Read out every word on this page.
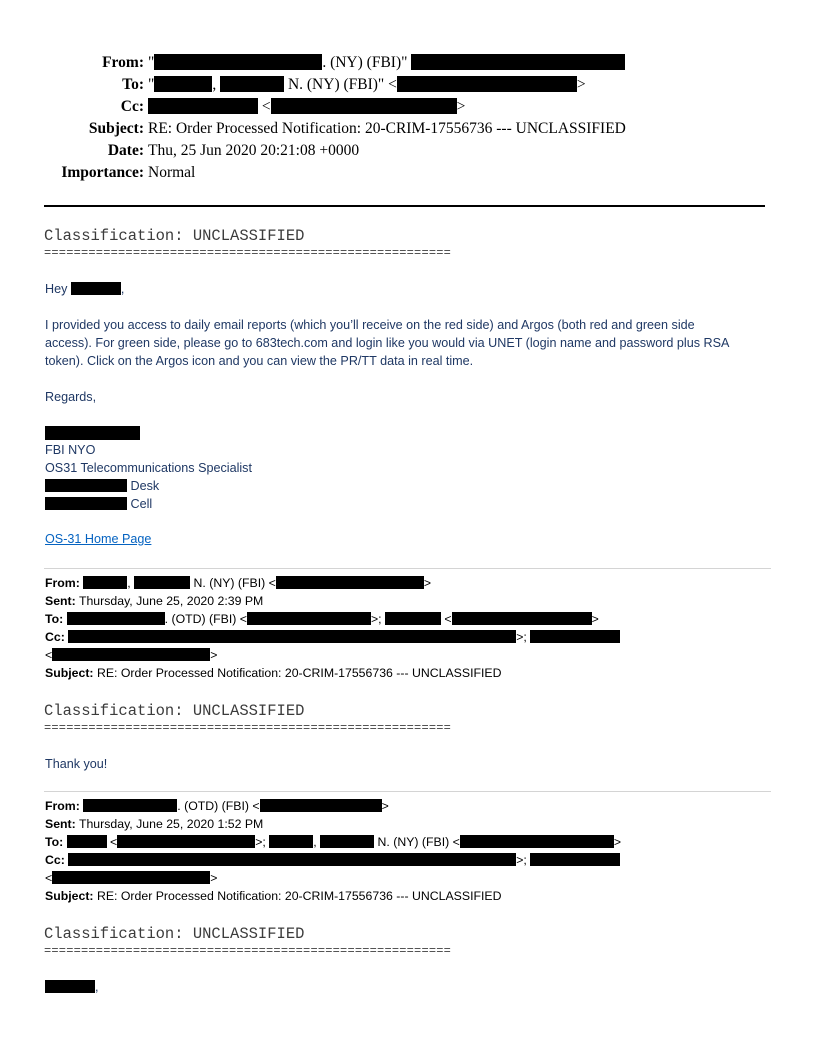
From: "	. (NY) (FBI)"
To: "	,	N. (NY) (FBI)" <	>
Cc:	<	>
Subject: RE: Order Processed Notification: 20-CRIM-17556736 --- UNCLASSIFIED
Date: Thu, 25 Jun 2020 20:21:08 +0000
Importance: Normal
Classification: UNCLASSIFIED
=======================================================
Hey	,
I provided you access to daily email reports (which you’ll receive on the red side) and Argos (both red and green side
access). For green side, please go to 683tech.com and login like you would via UNET (login name and password plus RSA
token). Click on the Argos icon and you can view the PR/TT data in real time.
Regards,
FBI NYO
OS31 Telecommunications Specialist
Desk
Cell
OS-31 Home Page
From:	,	N. (NY) (FBI) <	>
Sent: Thursday, June 25, 2020 2:39 PM
To:	. (OTD) (FBI) <	>;	<	>
Cc:	>;
<	>
Subject: RE: Order Processed Notification: 20-CRIM-17556736 --- UNCLASSIFIED
Classification: UNCLASSIFIED
=======================================================
Thank you!
From:	. (OTD) (FBI) <	>
Sent: Thursday, June 25, 2020 1:52 PM
To:	<	>;	,	N. (NY) (FBI) <	>
Cc:	>;
<	>
Subject: RE: Order Processed Notification: 20-CRIM-17556736 --- UNCLASSIFIED
Classification: UNCLASSIFIED
=======================================================
,
